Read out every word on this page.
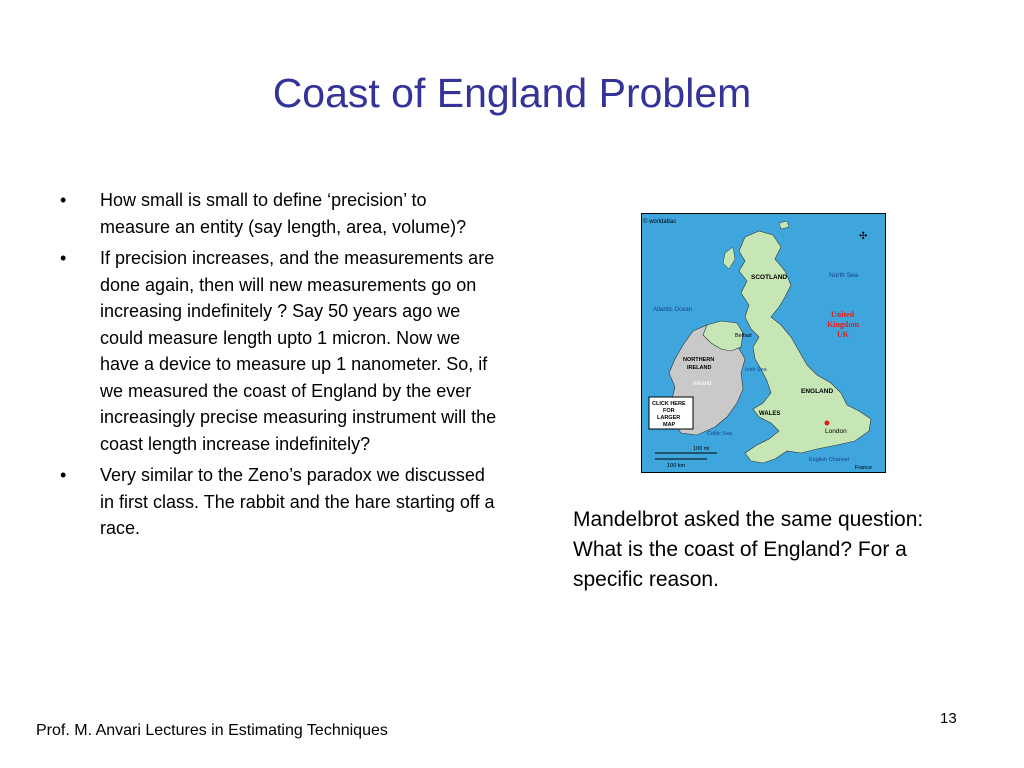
Coast of England Problem
• How small is small to define ‘precision’ to measure an entity (say length, area, volume)?
• If precision increases, and the measurements are done again, then will new measurements go on increasing indefinitely ? Say 50 years ago we could measure length upto 1 micron. Now we have a device to measure up 1 nanometer. So, if we measured the coast of England by the ever increasingly precise measuring instrument will the coast length increase indefinitely?
• Very similar to the Zeno’s paradox we discussed in first class. The rabbit and the hare starting off a race.
© worldatlas
✣
SCOTLAND	North Sea
Atlantic Ocean	United
Kingdom
UK
Belfast
NORTHERN
IRELAND
Ireland
Irish Sea
ENGLAND
WALES
London
Celtic Sea
English Channel
France
CLICK HERE
FOR
LARGER
MAP
100 mi
100 km
Mandelbrot asked the same question: What is the coast of England? For a specific reason.
Prof. M. Anvari Lectures in Estimating Techniques
13
